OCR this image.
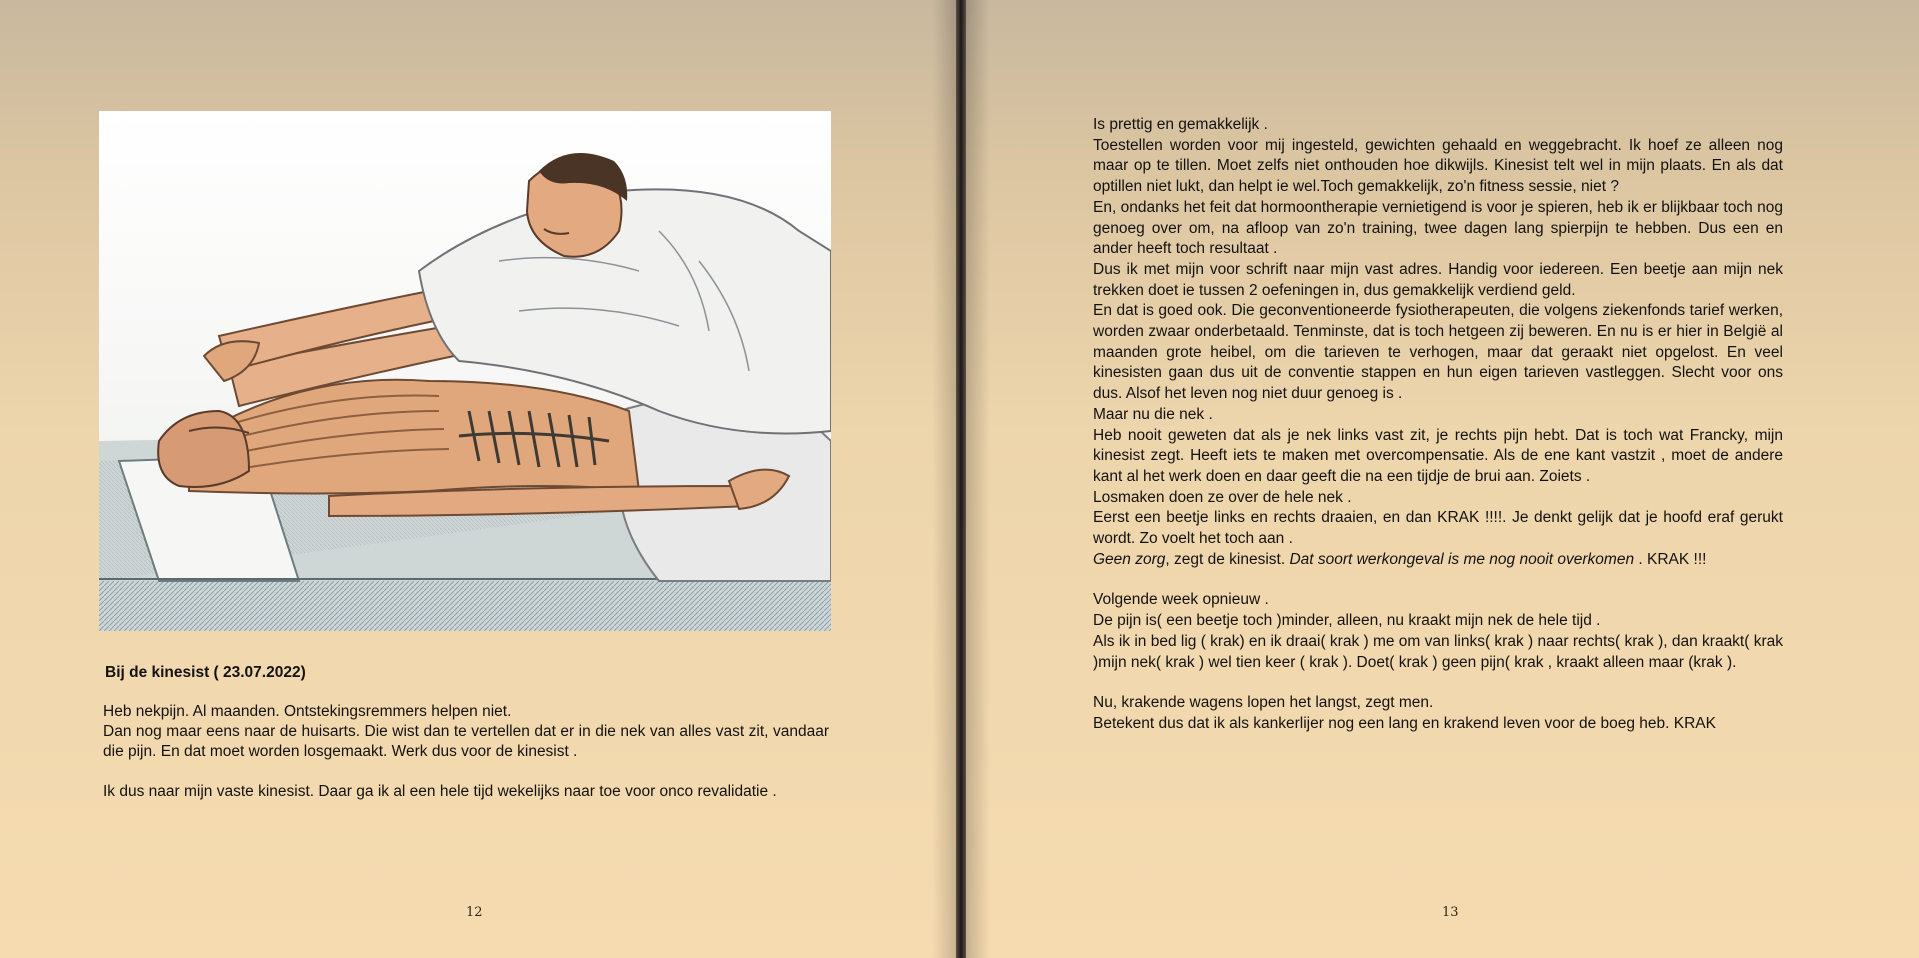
Bij de kinesist ( 23.07.2022)

Heb nekpijn. Al maanden. Ontstekingsremmers helpen niet.

Dan nog maar eens naar de huisarts. Die wist dan te vertellen dat er in die nek van alles vast zit, vandaar die pijn. En dat moet worden losgemaakt. Werk dus voor de kinesist .

Ik dus naar mijn vaste kinesist. Daar ga ik al een hele tijd wekelijks naar toe voor onco revalidatie .

12

Is prettig en gemakkelijk .

Toestellen worden voor mij ingesteld, gewichten gehaald en weggebracht. Ik hoef ze alleen nog maar op te tillen. Moet zelfs niet onthouden hoe dikwijls. Kinesist telt wel in mijn plaats. En als dat optillen niet lukt, dan helpt ie wel.Toch gemakkelijk, zo'n fitness sessie, niet ?

En, ondanks het feit dat hormoontherapie vernietigend is voor je spieren, heb ik er blijkbaar toch nog genoeg over om, na afloop van zo'n training, twee dagen lang spierpijn te hebben. Dus een en ander heeft toch resultaat .

Dus ik met mijn voor schrift naar mijn vast adres. Handig voor iedereen. Een beetje aan mijn nek trekken doet ie tussen 2 oefeningen in, dus gemakkelijk verdiend geld.

En dat is goed ook. Die geconventioneerde fysiotherapeuten, die volgens ziekenfonds tarief werken, worden zwaar onderbetaald. Tenminste, dat is toch hetgeen zij beweren. En nu is er hier in België al maanden grote heibel, om die tarieven te verhogen, maar dat geraakt niet opgelost. En veel kinesisten gaan dus uit de conventie stappen en hun eigen tarieven vastleggen. Slecht voor ons dus. Alsof het leven nog niet duur genoeg is .

Maar nu die nek .

Heb nooit geweten dat als je nek links vast zit, je rechts pijn hebt. Dat is toch wat Francky, mijn kinesist zegt. Heeft iets te maken met overcompensatie. Als de ene kant vastzit , moet de andere kant al het werk doen en daar geeft die na een tijdje de brui aan. Zoiets .

Losmaken doen ze over de hele nek .

Eerst een beetje links en rechts draaien, en dan KRAK !!!!. Je denkt gelijk dat je hoofd eraf gerukt wordt. Zo voelt het toch aan .

Geen zorg, zegt de kinesist. Dat soort werkongeval is me nog nooit overkomen . KRAK !!!

Volgende week opnieuw .

De pijn is( een beetje toch )minder, alleen, nu kraakt mijn nek de hele tijd .

Als ik in bed lig ( krak) en ik draai( krak ) me om van links( krak ) naar rechts( krak ), dan kraakt( krak )mijn nek( krak ) wel tien keer ( krak ). Doet( krak ) geen pijn( krak , kraakt alleen maar (krak ).

Nu, krakende wagens lopen het langst, zegt men.

Betekent dus dat ik als kankerlijer nog een lang en krakend leven voor de boeg heb. KRAK

13
